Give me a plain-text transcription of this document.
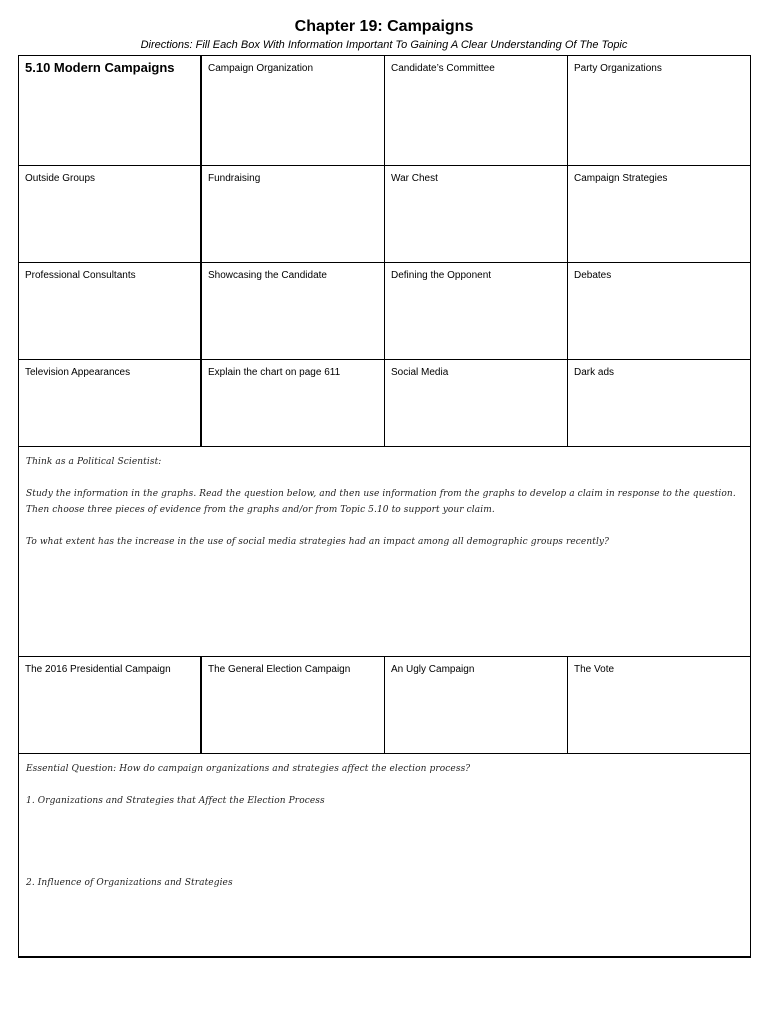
Chapter 19: Campaigns
Directions: Fill Each Box With Information Important To Gaining A Clear Understanding Of The Topic
5.10 Modern Campaigns	Campaign Organization	Candidate’s Committee	Party Organizations
Outside Groups	Fundraising	War Chest	Campaign Strategies
Professional Consultants	Showcasing the Candidate	Defining the Opponent	Debates
Television Appearances	Explain the chart on page 611	Social Media	Dark ads

Think as a Political Scientist:

Study the information in the graphs. Read the question below, and then use information from the graphs to develop a claim in response to the question. Then choose three pieces of evidence from the graphs and/or from Topic 5.10 to support your claim.

To what extent has the increase in the use of social media strategies had an impact among all demographic groups recently?

The 2016 Presidential Campaign	The General Election Campaign	An Ugly Campaign	The Vote

Essential Question: How do campaign organizations and strategies affect the election process?

1. Organizations and Strategies that Affect the Election Process

2. Influence of Organizations and Strategies
